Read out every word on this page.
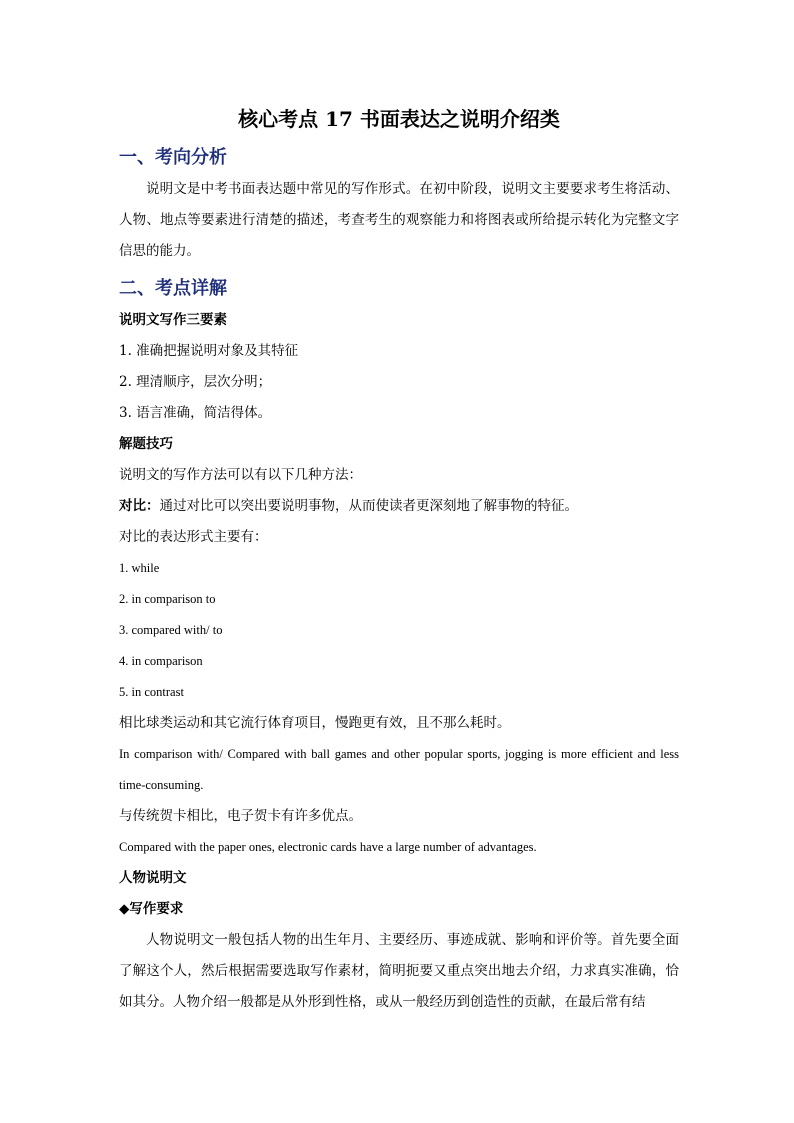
核心考点 17 书面表达之说明介绍类
一、考向分析

说明文是中考书面表达题中常见的写作形式。在初中阶段，说明文主要要求考生将活动、人物、地点等要素进行清楚的描述，考查考生的观察能力和将图表或所给提示转化为完整文字信思的能力。

二、考点详解

说明文写作三要素

1. 准确把握说明对象及其特征

2. 理清顺序，层次分明；

3. 语言准确，简洁得体。

解题技巧

说明文的写作方法可以有以下几种方法：

对比：通过对比可以突出要说明事物，从而使读者更深刻地了解事物的特征。

对比的表达形式主要有：

1. while

2. in comparison to

3. compared with/ to

4. in comparison

5. in contrast

相比球类运动和其它流行体育项目，慢跑更有效，且不那么耗时。

In comparison with/ Compared with ball games and other popular sports, jogging is more efficient and less time-consuming.

与传统贺卡相比，电子贺卡有许多优点。

Compared with the paper ones, electronic cards have a large number of advantages.

人物说明文

◆写作要求

人物说明文一般包括人物的出生年月、主要经历、事迹成就、影响和评价等。首先要全面了解这个人，然后根据需要选取写作素材，简明扼要又重点突出地去介绍，力求真实准确，恰如其分。人物介绍一般都是从外形到性格，或从一般经历到创造性的贡献，在最后常有结
